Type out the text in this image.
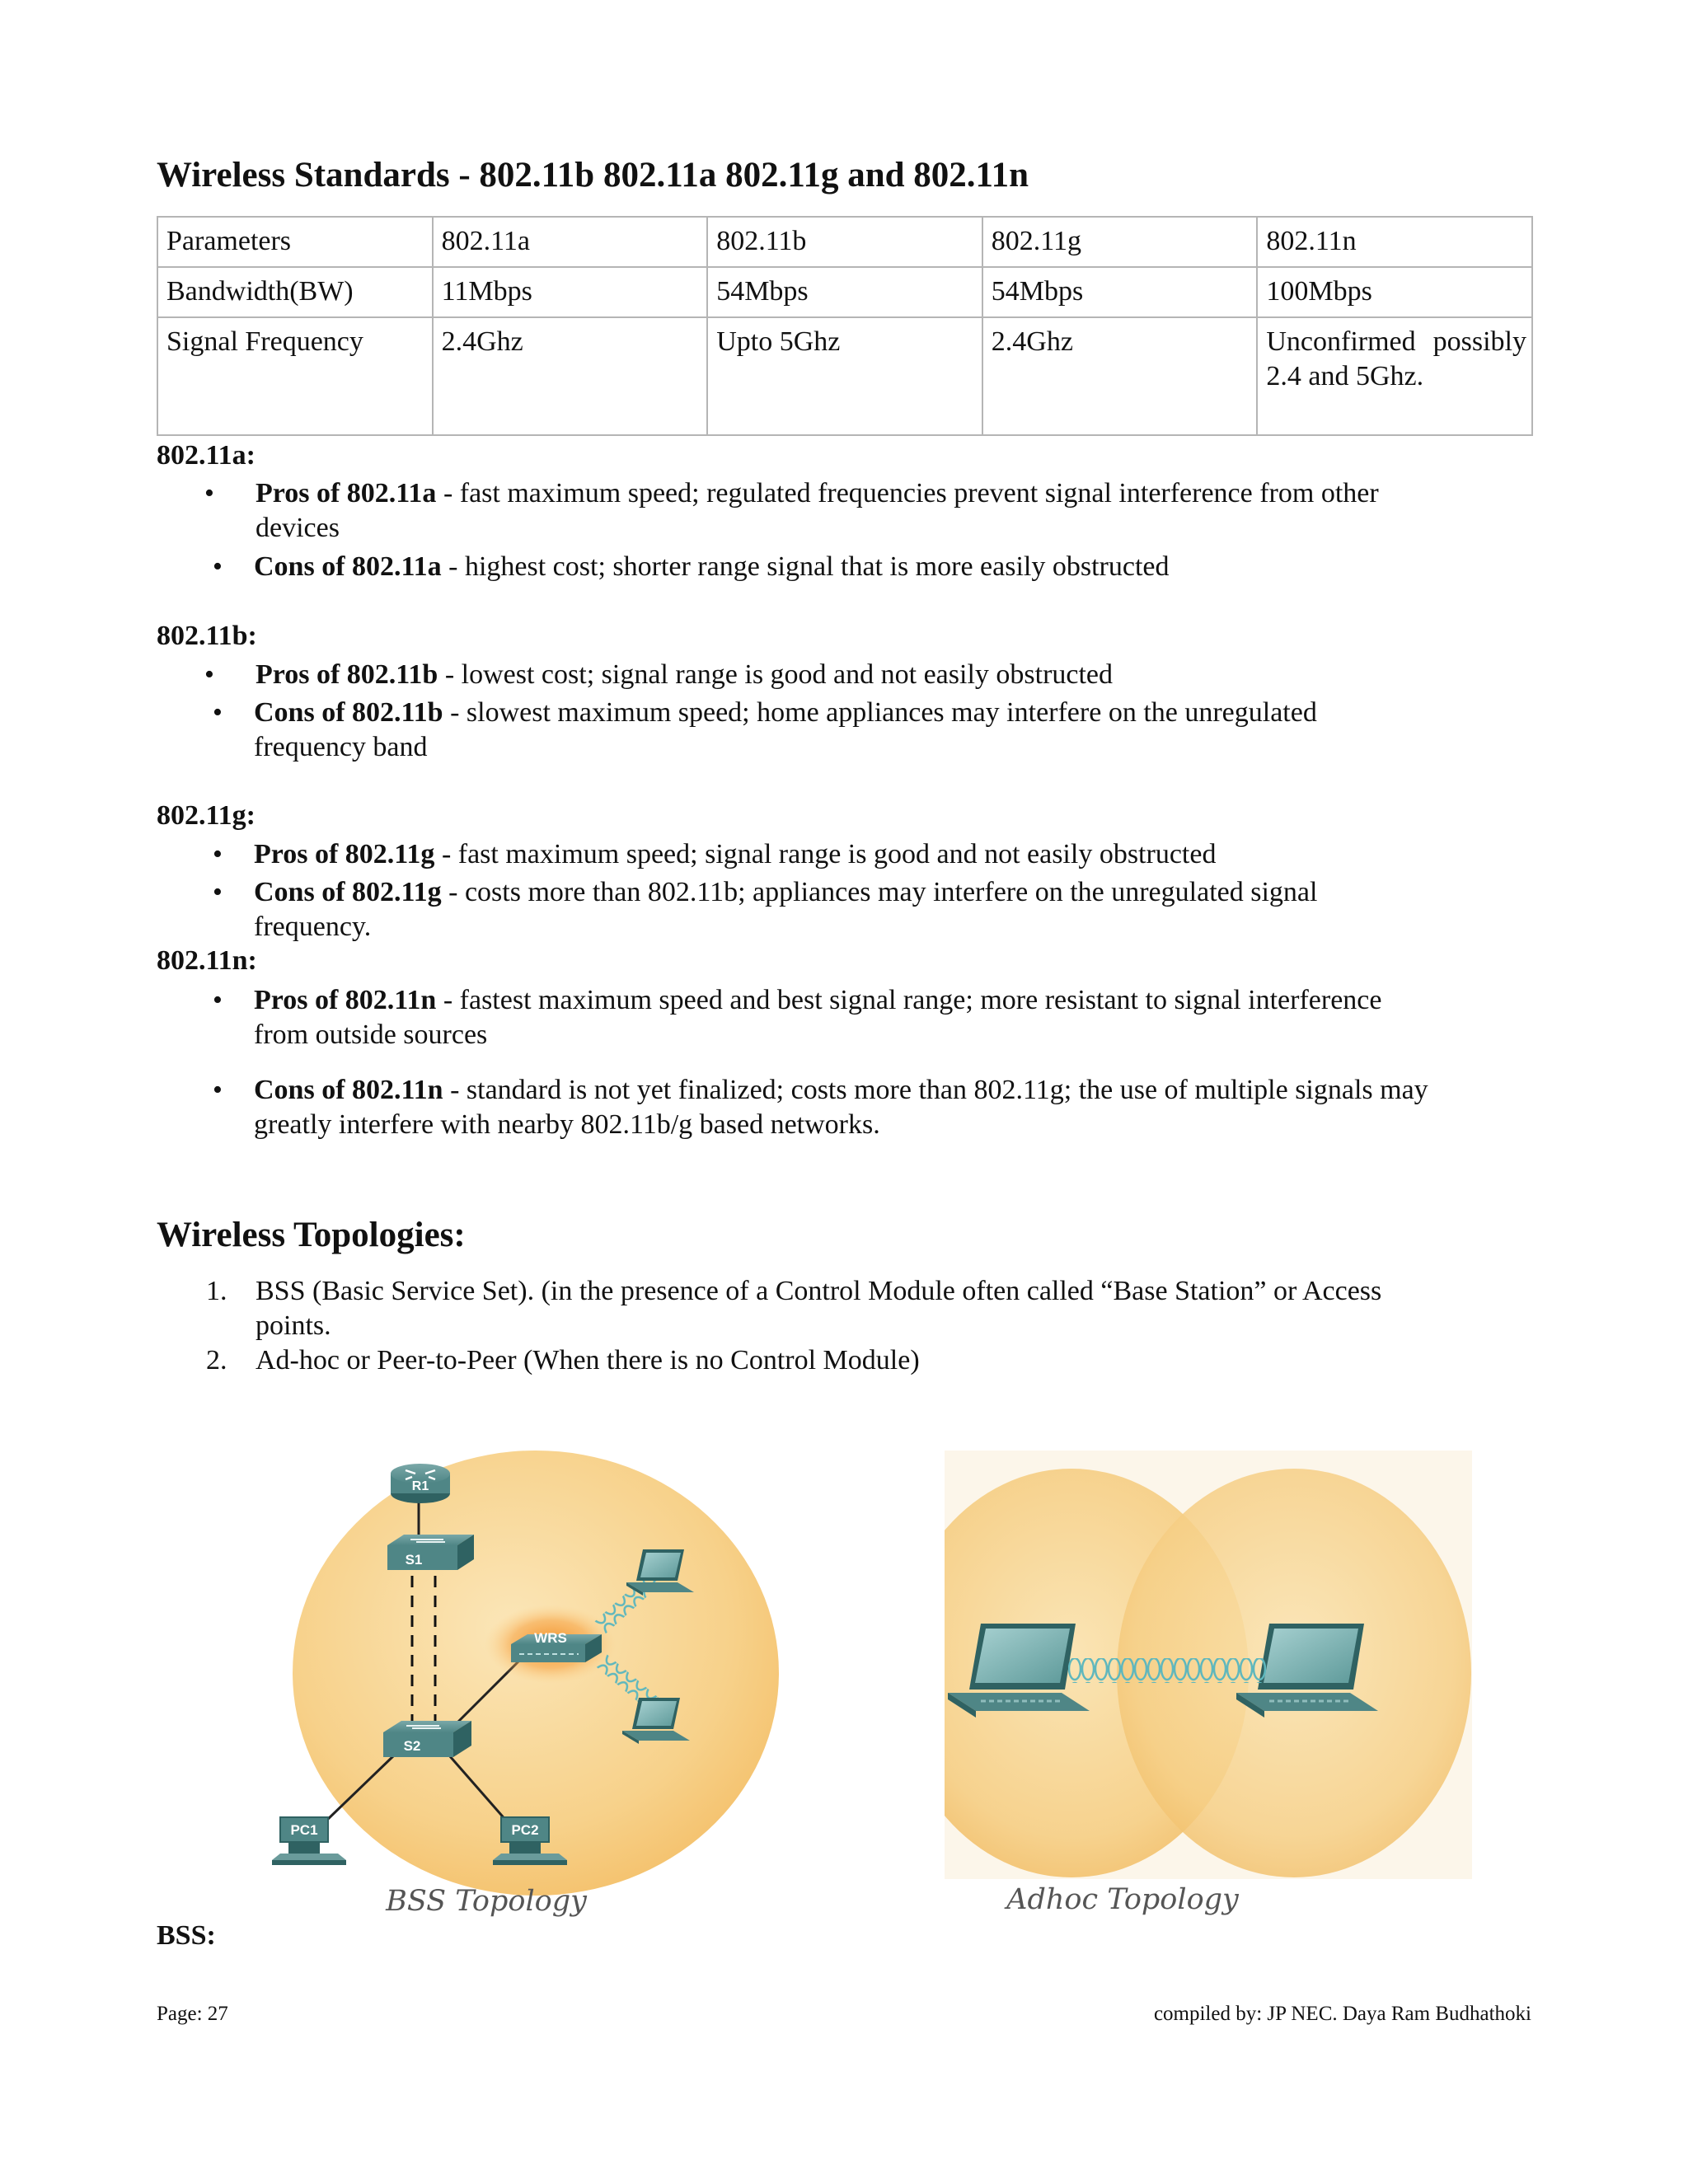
Wireless Standards - 802.11b 802.11a 802.11g and 802.11n
Parameters	802.11a	802.11b	802.11g	802.11n
Bandwidth(BW)	11Mbps	54Mbps	54Mbps	100Mbps
Signal Frequency	2.4Ghz	Upto 5Ghz	2.4Ghz	Unconfirmed possibly 2.4 and 5Ghz.
802.11a:
•	Pros of 802.11a - fast maximum speed; regulated frequencies prevent signal interference from other
devices
•	Cons of 802.11a - highest cost; shorter range signal that is more easily obstructed
802.11b:
•	Pros of 802.11b - lowest cost; signal range is good and not easily obstructed
•	Cons of 802.11b - slowest maximum speed; home appliances may interfere on the unregulated
frequency band
802.11g:
•	Pros of 802.11g - fast maximum speed; signal range is good and not easily obstructed
•	Cons of 802.11g - costs more than 802.11b; appliances may interfere on the unregulated signal
frequency.
802.11n:
•	Pros of 802.11n - fastest maximum speed and best signal range; more resistant to signal interference
from outside sources
•	Cons of 802.11n - standard is not yet finalized; costs more than 802.11g; the use of multiple signals may
greatly interfere with nearby 802.11b/g based networks.
Wireless Topologies:
1. BSS (Basic Service Set). (in the presence of a Control Module often called “Base Station” or Access
points.
2. Ad-hoc or Peer-to-Peer (When there is no Control Module)
R1
S1
S2
WRS
PC1	PC2
BSS Topology	Adhoc Topology
BSS:
Page: 27	compiled by: JP NEC. Daya Ram Budhathoki
